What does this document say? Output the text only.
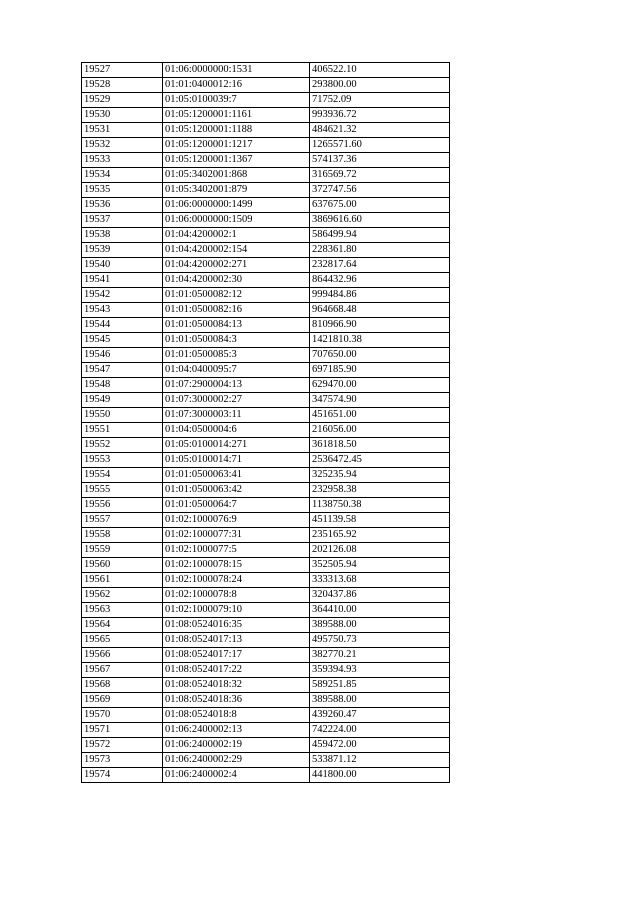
19527	01:06:0000000:1531	406522.10
19528	01:01:0400012:16	293800.00
19529	01:05:0100039:7	71752.09
19530	01:05:1200001:1161	993936.72
19531	01:05:1200001:1188	484621.32
19532	01:05:1200001:1217	1265571.60
19533	01:05:1200001:1367	574137.36
19534	01:05:3402001:868	316569.72
19535	01:05:3402001:879	372747.56
19536	01:06:0000000:1499	637675.00
19537	01:06:0000000:1509	3869616.60
19538	01:04:4200002:1	586499.94
19539	01:04:4200002:154	228361.80
19540	01:04:4200002:271	232817.64
19541	01:04:4200002:30	864432.96
19542	01:01:0500082:12	999484.86
19543	01:01:0500082:16	964668.48
19544	01:01:0500084:13	810966.90
19545	01:01:0500084:3	1421810.38
19546	01:01:0500085:3	707650.00
19547	01:04:0400095:7	697185.90
19548	01:07:2900004:13	629470.00
19549	01:07:3000002:27	347574.90
19550	01:07:3000003:11	451651.00
19551	01:04:0500004:6	216056.00
19552	01:05:0100014:271	361818.50
19553	01:05:0100014:71	2536472.45
19554	01:01:0500063:41	325235.94
19555	01:01:0500063:42	232958.38
19556	01:01:0500064:7	1138750.38
19557	01:02:1000076:9	451139.58
19558	01:02:1000077:31	235165.92
19559	01:02:1000077:5	202126.08
19560	01:02:1000078:15	352505.94
19561	01:02:1000078:24	333313.68
19562	01:02:1000078:8	320437.86
19563	01:02:1000079:10	364410.00
19564	01:08:0524016:35	389588.00
19565	01:08:0524017:13	495750.73
19566	01:08:0524017:17	382770.21
19567	01:08:0524017:22	359394.93
19568	01:08:0524018:32	589251.85
19569	01:08:0524018:36	389588.00
19570	01:08:0524018:8	439260.47
19571	01:06:2400002:13	742224.00
19572	01:06:2400002:19	459472.00
19573	01:06:2400002:29	533871.12
19574	01:06:2400002:4	441800.00
